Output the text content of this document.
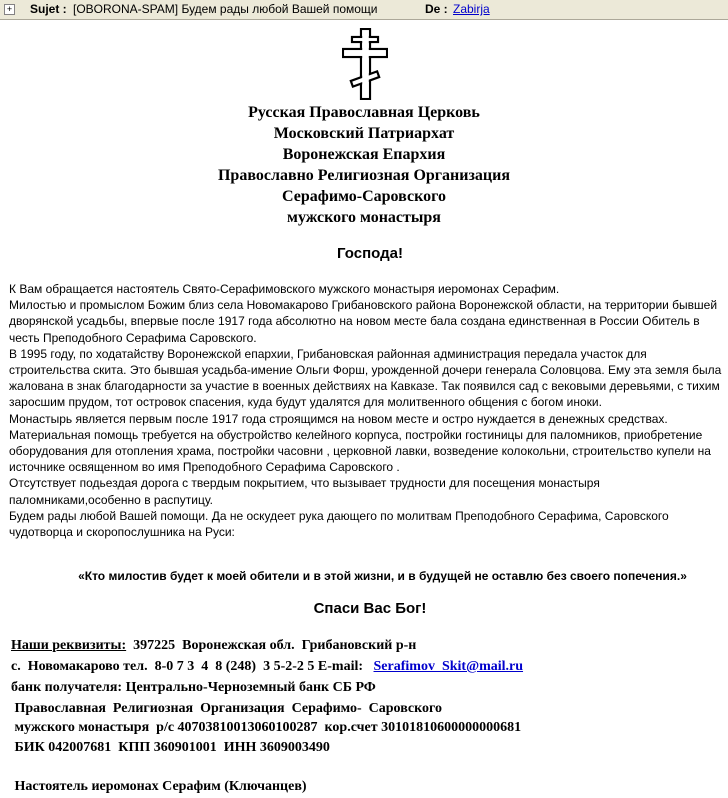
+ Sujet : [OBORONA-SPAM] Будем рады любой Вашей помощи	De : Zabirja
Русская Православная Церковь
Московский Патриархат
Воронежская Епархия
Православно Религиозная Организация
Серафимо-Саровского
мужского монастыря
Господа!

К Вам обращается настоятель Свято-Серафимовского мужского монастыря иеромонах Серафим.

Милостью и промыслом Божим близ села Новомакарово Грибановского района Воронежской области, на территории бывшей дворянской усадьбы, впервые после 1917 года абсолютно на новом месте бала создана единственная в России Обитель в честь Преподобного Серафима Саровского.

В 1995 году, по ходатайству Воронежской епархии, Грибановская районная администрация передала участок для строительства скита. Это бывшая усадьба-имение Ольги Форш, урожденной дочери генерала Соловцова. Ему эта земля была жалована в знак благодарности за участие в военных действиях на Кавказе. Так появился сад с вековыми деревьями, с тихим заросшим прудом, тот островок спасения, куда будут удалятся для молитвенного общения с богом иноки.

Монастырь является первым после 1917 года строящимся на новом месте и остро нуждается в денежных средствах.

Материальная помощь требуется на обустройство келейного корпуса, постройки гостиницы для паломников, приобретение оборудования для отопления храма, постройки часовни , церковной лавки, возведение колокольни, строительство купели на источнике освященном во имя Преподобного Серафима Саровского .

Отсутствует подьездая дорога с твердым покрытием, что вызывает трудности для посещения монастыря паломниками,особенно в распутицу.

Будем рады любой Вашей помощи. Да не оскудеет рука дающего по молитвам Преподобного Серафима, Саровского чудотворца и скоропослушника на Руси:

«Кто милостив будет к моей обители и в этой жизни, и в будущей не оставлю без своего попечения.»
Спаси Вас Бог!
Наши реквизиты:  397225  Воронежская обл.  Грибановский р-н
с.  Новомакарово тел.  8-0 7 3  4  8 (248)  3 5-2-2 5 E-mail:   Serafimov_Skit@mail.ru
банк получателя: Центрально-Черноземный банк СБ РФ
Православная  Религиозная  Организация  Серафимо-  Саровского
мужского монастыря  р/с 40703810013060100287  кор.счет 30101810600000000681
БИК 042007681  КПП 360901001  ИНН 3609003490
Настоятель иеромонах Серафим (Ключанцев)
